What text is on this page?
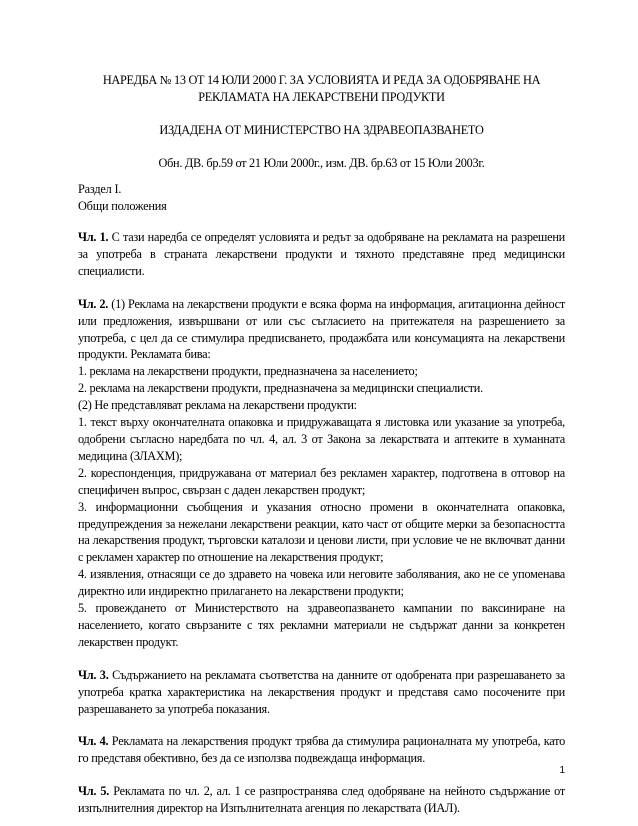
НАРЕДБА № 13 ОТ 14 ЮЛИ 2000 Г. ЗА УСЛОВИЯТА И РЕДА ЗА ОДОБРЯВАНЕ НА
РЕКЛАМАТА НА ЛЕКАРСТВЕНИ ПРОДУКТИ
ИЗДАДЕНА ОТ МИНИСТЕРСТВО НА ЗДРАВЕОПАЗВАНЕТО
Обн. ДВ. бр.59 от 21 Юли 2000г., изм. ДВ. бр.63 от 15 Юли 2003г.
Раздел I.
Общи положения
Чл. 1. С тази наредба се определят условията и редът за одобряване на рекламата на разрешени за употреба в страната лекарствени продукти и тяхното представяне пред медицински специалисти.
Чл. 2. (1) Реклама на лекарствени продукти е всяка форма на информация, агитационна дейност или предложения, извършвани от или със съгласието на притежателя на разрешението за употреба, с цел да се стимулира предписването, продажбата или консумацията на лекарствени продукти. Рекламата бива:
1. реклама на лекарствени продукти, предназначена за населението;
2. реклама на лекарствени продукти, предназначена за медицински специалисти.
(2) Не представляват реклама на лекарствени продукти:
1. текст върху окончателната опаковка и придружаващата я листовка или указание за употреба, одобрени съгласно наредбата по чл. 4, ал. 3 от Закона за лекарствата и аптеките в хуманната медицина (ЗЛАХМ);
2. кореспонденция, придружавана от материал без рекламен характер, подготвена в отговор на специфичен въпрос, свързан с даден лекарствен продукт;
3. информационни съобщения и указания относно промени в окончателната опаковка, предупреждения за нежелани лекарствени реакции, като част от общите мерки за безопасността на лекарствения продукт, търговски каталози и ценови листи, при условие че не включват данни с рекламен характер по отношение на лекарствения продукт;
4. изявления, отнасящи се до здравето на човека или неговите заболявания, ако не се упоменава директно или индиректно прилагането на лекарствени продукти;
5. провеждането от Министерството на здравеопазването кампании по ваксиниране на населението, когато свързаните с тях рекламни материали не съдържат данни за конкретен лекарствен продукт.
Чл. 3. Съдържанието на рекламата съответства на данните от одобрената при разрешаването за употреба кратка характеристика на лекарствения продукт и представя само посочените при разрешаването за употреба показания.
Чл. 4. Рекламата на лекарствения продукт трябва да стимулира рационалната му употреба, като го представя обективно, без да се използва подвеждаща информация.
Чл. 5. Рекламата по чл. 2, ал. 1 се разпространява след одобряване на нейното съдържание от изпълнителния директор на Изпълнителната агенция по лекарствата (ИАЛ).
1
